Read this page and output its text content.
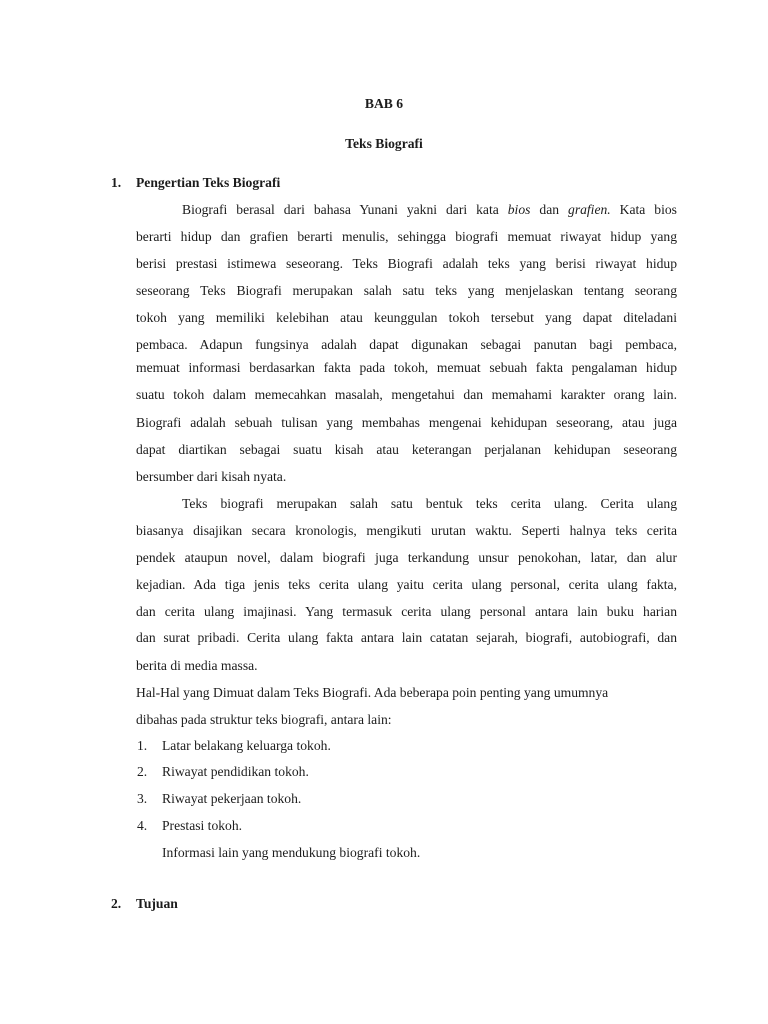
BAB 6

Teks Biografi

1. Pengertian Teks Biografi

Biografi berasal dari bahasa Yunani yakni dari kata bios dan grafien. Kata bios

berarti hidup dan grafien berarti menulis, sehingga biografi memuat riwayat hidup yang

berisi prestasi istimewa seseorang. Teks Biografi adalah teks yang berisi riwayat hidup

seseorang Teks Biografi merupakan salah satu teks yang menjelaskan tentang seorang

tokoh yang memiliki kelebihan atau keunggulan tokoh tersebut yang dapat diteladani

pembaca. Adapun fungsinya adalah dapat digunakan sebagai panutan bagi pembaca,

memuat informasi berdasarkan fakta pada tokoh, memuat sebuah fakta pengalaman hidup

suatu tokoh dalam memecahkan masalah, mengetahui dan memahami karakter orang lain.

Biografi adalah sebuah tulisan yang membahas mengenai kehidupan seseorang, atau juga

dapat diartikan sebagai suatu kisah atau keterangan perjalanan kehidupan seseorang

bersumber dari kisah nyata.

Teks biografi merupakan salah satu bentuk teks cerita ulang. Cerita ulang

biasanya disajikan secara kronologis, mengikuti urutan waktu. Seperti halnya teks cerita

pendek ataupun novel, dalam biografi juga terkandung unsur penokohan, latar, dan alur

kejadian. Ada tiga jenis teks cerita ulang yaitu cerita ulang personal, cerita ulang fakta,

dan cerita ulang imajinasi. Yang termasuk cerita ulang personal antara lain buku harian

dan surat pribadi. Cerita ulang fakta antara lain catatan sejarah, biografi, autobiografi, dan

berita di media massa.

Hal-Hal yang Dimuat dalam Teks Biografi. Ada beberapa poin penting yang umumnya

dibahas pada struktur teks biografi, antara lain:

1. Latar belakang keluarga tokoh.

2. Riwayat pendidikan tokoh.

3. Riwayat pekerjaan tokoh.

4. Prestasi tokoh.

Informasi lain yang mendukung biografi tokoh.

2. Tujuan
